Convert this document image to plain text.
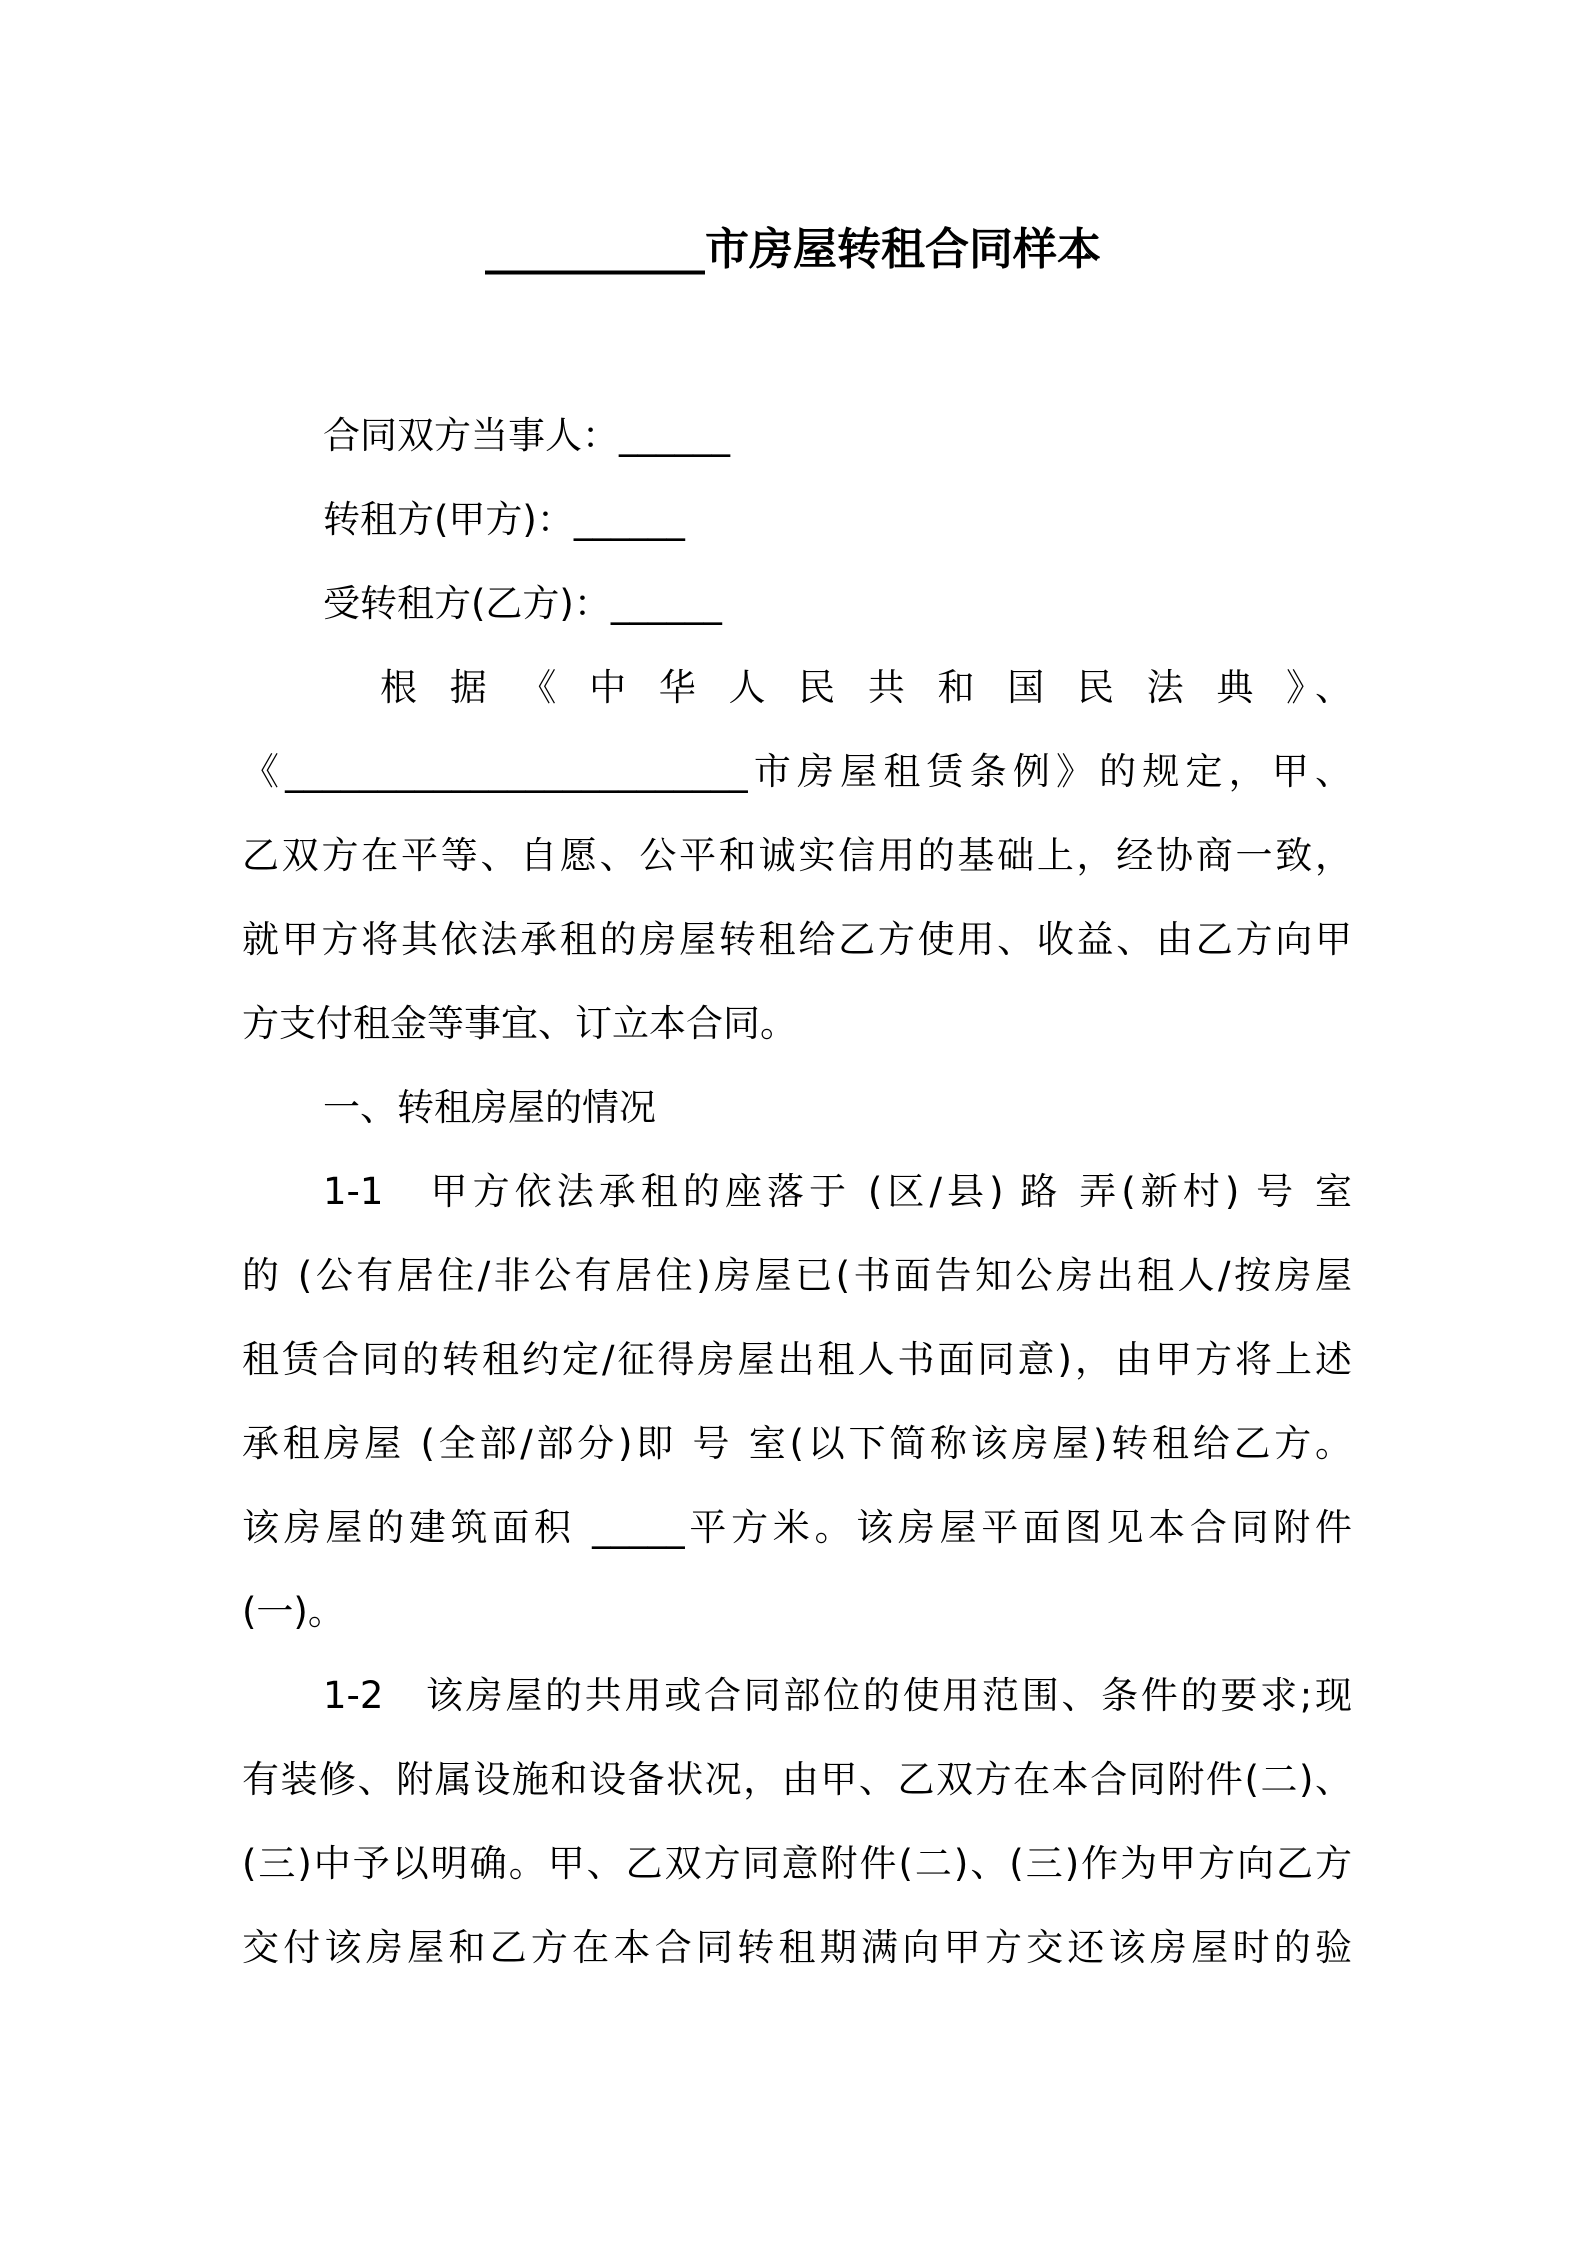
__________市房屋转租合同样本
合同双方当事人：______
转租方(甲方)：______
受转租方(乙方)：______
根 据 《 中 华 人 民 共 和 国 民 法 典 》、
《_________________________市房屋租赁条例》的规定，甲、
乙双方在平等、自愿、公平和诚实信用的基础上，经协商一致，
就甲方将其依法承租的房屋转租给乙方使用、收益、由乙方向甲
方支付租金等事宜、订立本合同。
一、转租房屋的情况
1-1　甲方依法承租的座落于 (区/县) 路 弄(新村) 号 室
的 (公有居住/非公有居住)房屋已(书面告知公房出租人/按房屋
租赁合同的转租约定/征得房屋出租人书面同意)，由甲方将上述
承租房屋 (全部/部分)即 号 室(以下简称该房屋)转租给乙方。
该房屋的建筑面积 _____平方米。该房屋平面图见本合同附件
(一)。
1-2　该房屋的共用或合同部位的使用范围、条件的要求;现
有装修、附属设施和设备状况，由甲、乙双方在本合同附件(二)、
(三)中予以明确。甲、乙双方同意附件(二)、(三)作为甲方向乙方
交付该房屋和乙方在本合同转租期满向甲方交还该房屋时的验
